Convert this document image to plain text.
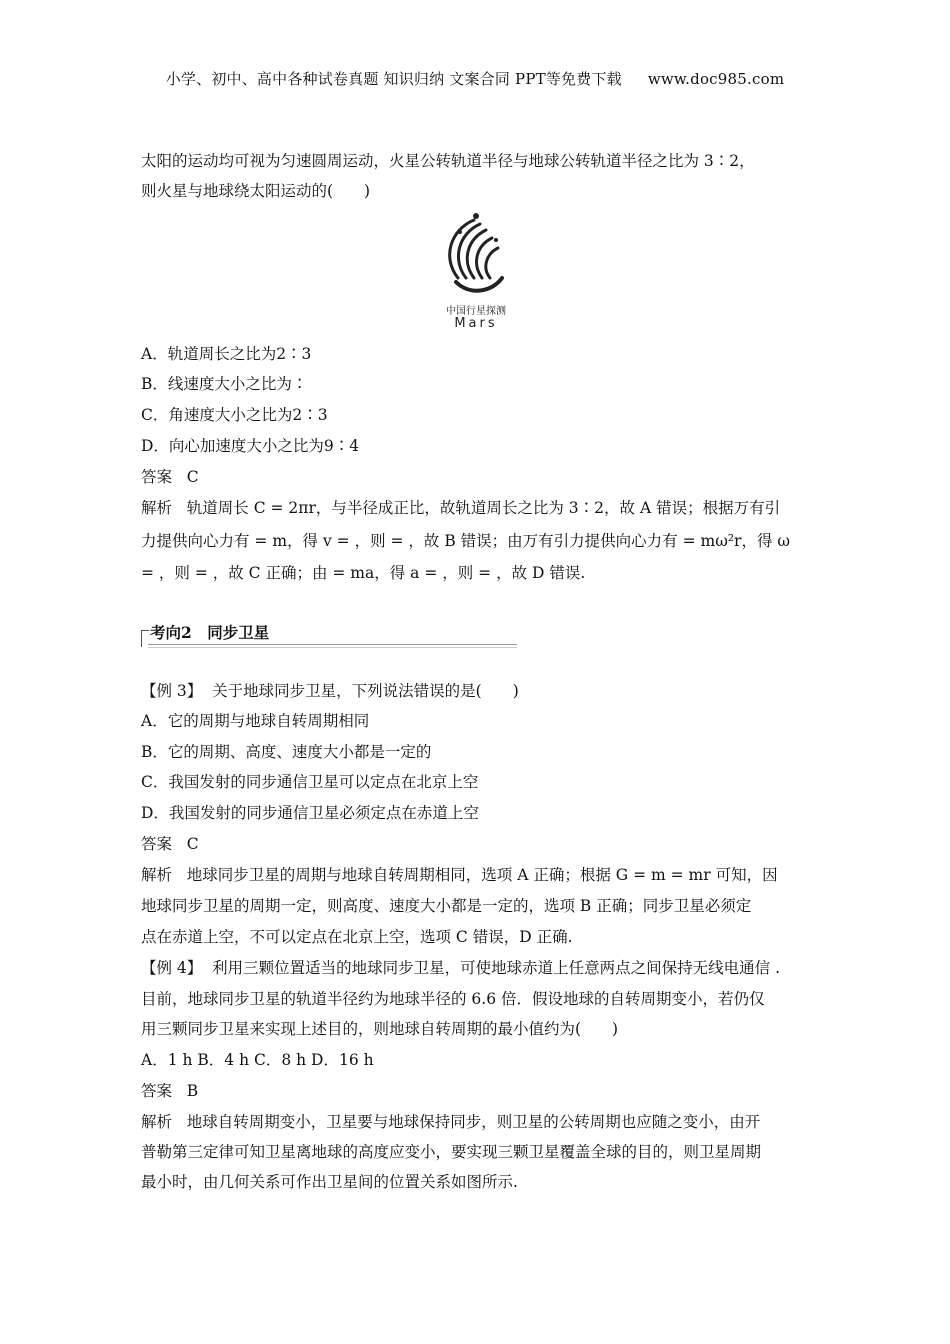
小学、初中、高中各种试卷真题 知识归纳 文案合同 PPT等免费下载 www.doc985.com
太阳的运动均可视为匀速圆周运动，火星公转轨道半径与地球公转轨道半径之比为 3∶2，
则火星与地球绕太阳运动的(　　)
A．轨道周长之比为2∶3
B．线速度大小之比为∶
C．角速度大小之比为2∶3
D．向心加速度大小之比为9∶4
答案 C
解析 轨道周长 C = 2πr，与半径成正比，故轨道周长之比为 3∶2，故 A 错误；根据万有引
力提供向心力有 = m，得 v = ，则 = ，故 B 错误；由万有引力提供向心力有 = mω²r，得 ω
= ，则 = ，故 C 正确；由 = ma，得 a = ，则 = ，故 D 错误.
【例 3】 关于地球同步卫星，下列说法错误的是(　　)
A．它的周期与地球自转周期相同
B．它的周期、高度、速度大小都是一定的
C．我国发射的同步通信卫星可以定点在北京上空
D．我国发射的同步通信卫星必须定点在赤道上空
答案 C
解析 地球同步卫星的周期与地球自转周期相同，选项 A 正确；根据 G = m = mr 可知，因
地球同步卫星的周期一定，则高度、速度大小都是一定的，选项 B 正确；同步卫星必须定
点在赤道上空，不可以定点在北京上空，选项 C 错误，D 正确.
【例 4】 利用三颗位置适当的地球同步卫星，可使地球赤道上任意两点之间保持无线电通信 .
目前，地球同步卫星的轨道半径约为地球半径的 6.6 倍．假设地球的自转周期变小，若仍仅
用三颗同步卫星来实现上述目的，则地球自转周期的最小值约为(　　)
A．1 h B．4 h C．8 h D．16 h
答案 B
解析 地球自转周期变小，卫星要与地球保持同步，则卫星的公转周期也应随之变小，由开
普勒第三定律可知卫星离地球的高度应变小，要实现三颗卫星覆盖全球的目的，则卫星周期
最小时，由几何关系可作出卫星间的位置关系如图所示.
中国行星探测
Mars
考向2　同步卫星
